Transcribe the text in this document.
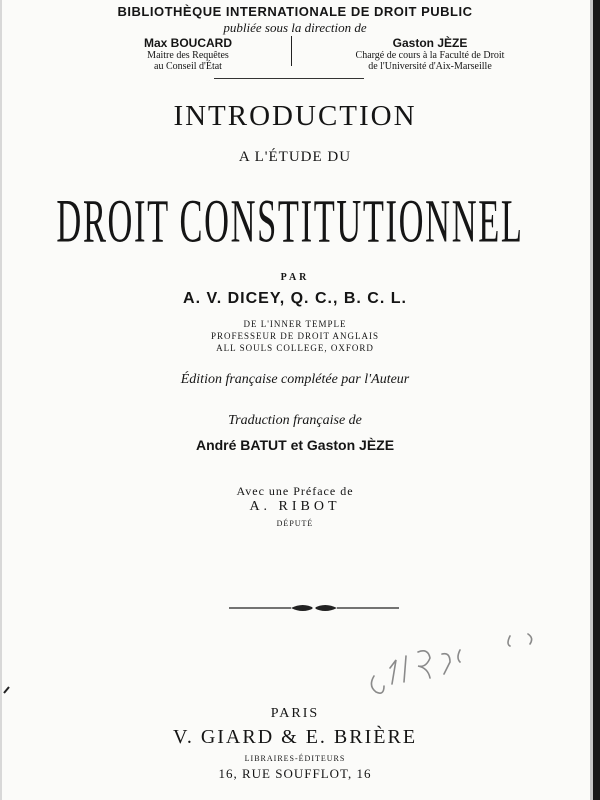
BIBLIOTHÈQUE INTERNATIONALE DE DROIT PUBLIC
publiée sous la direction de
Max BOUCARD
Maitre des Requêtes
au Conseil d'État
Gaston JÈZE
Chargé de cours à la Faculté de Droit
de l'Université d'Aix-Marseille
INTRODUCTION
A L'ÉTUDE DU
DROIT CONSTITUTIONNEL
PAR
A. V. DICEY, Q. C., B. C. L.
DE L'INNER TEMPLE
PROFESSEUR DE DROIT ANGLAIS
ALL SOULS COLLEGE, OXFORD
Édition française complétée par l'Auteur
Traduction française de
André BATUT et Gaston JÈZE
Avec une Préface de
A. RIBOT
DÉPUTÉ
PARIS
V. GIARD & E. BRIÈRE
LIBRAIRES-ÉDITEURS
16, RUE SOUFFLOT, 16
